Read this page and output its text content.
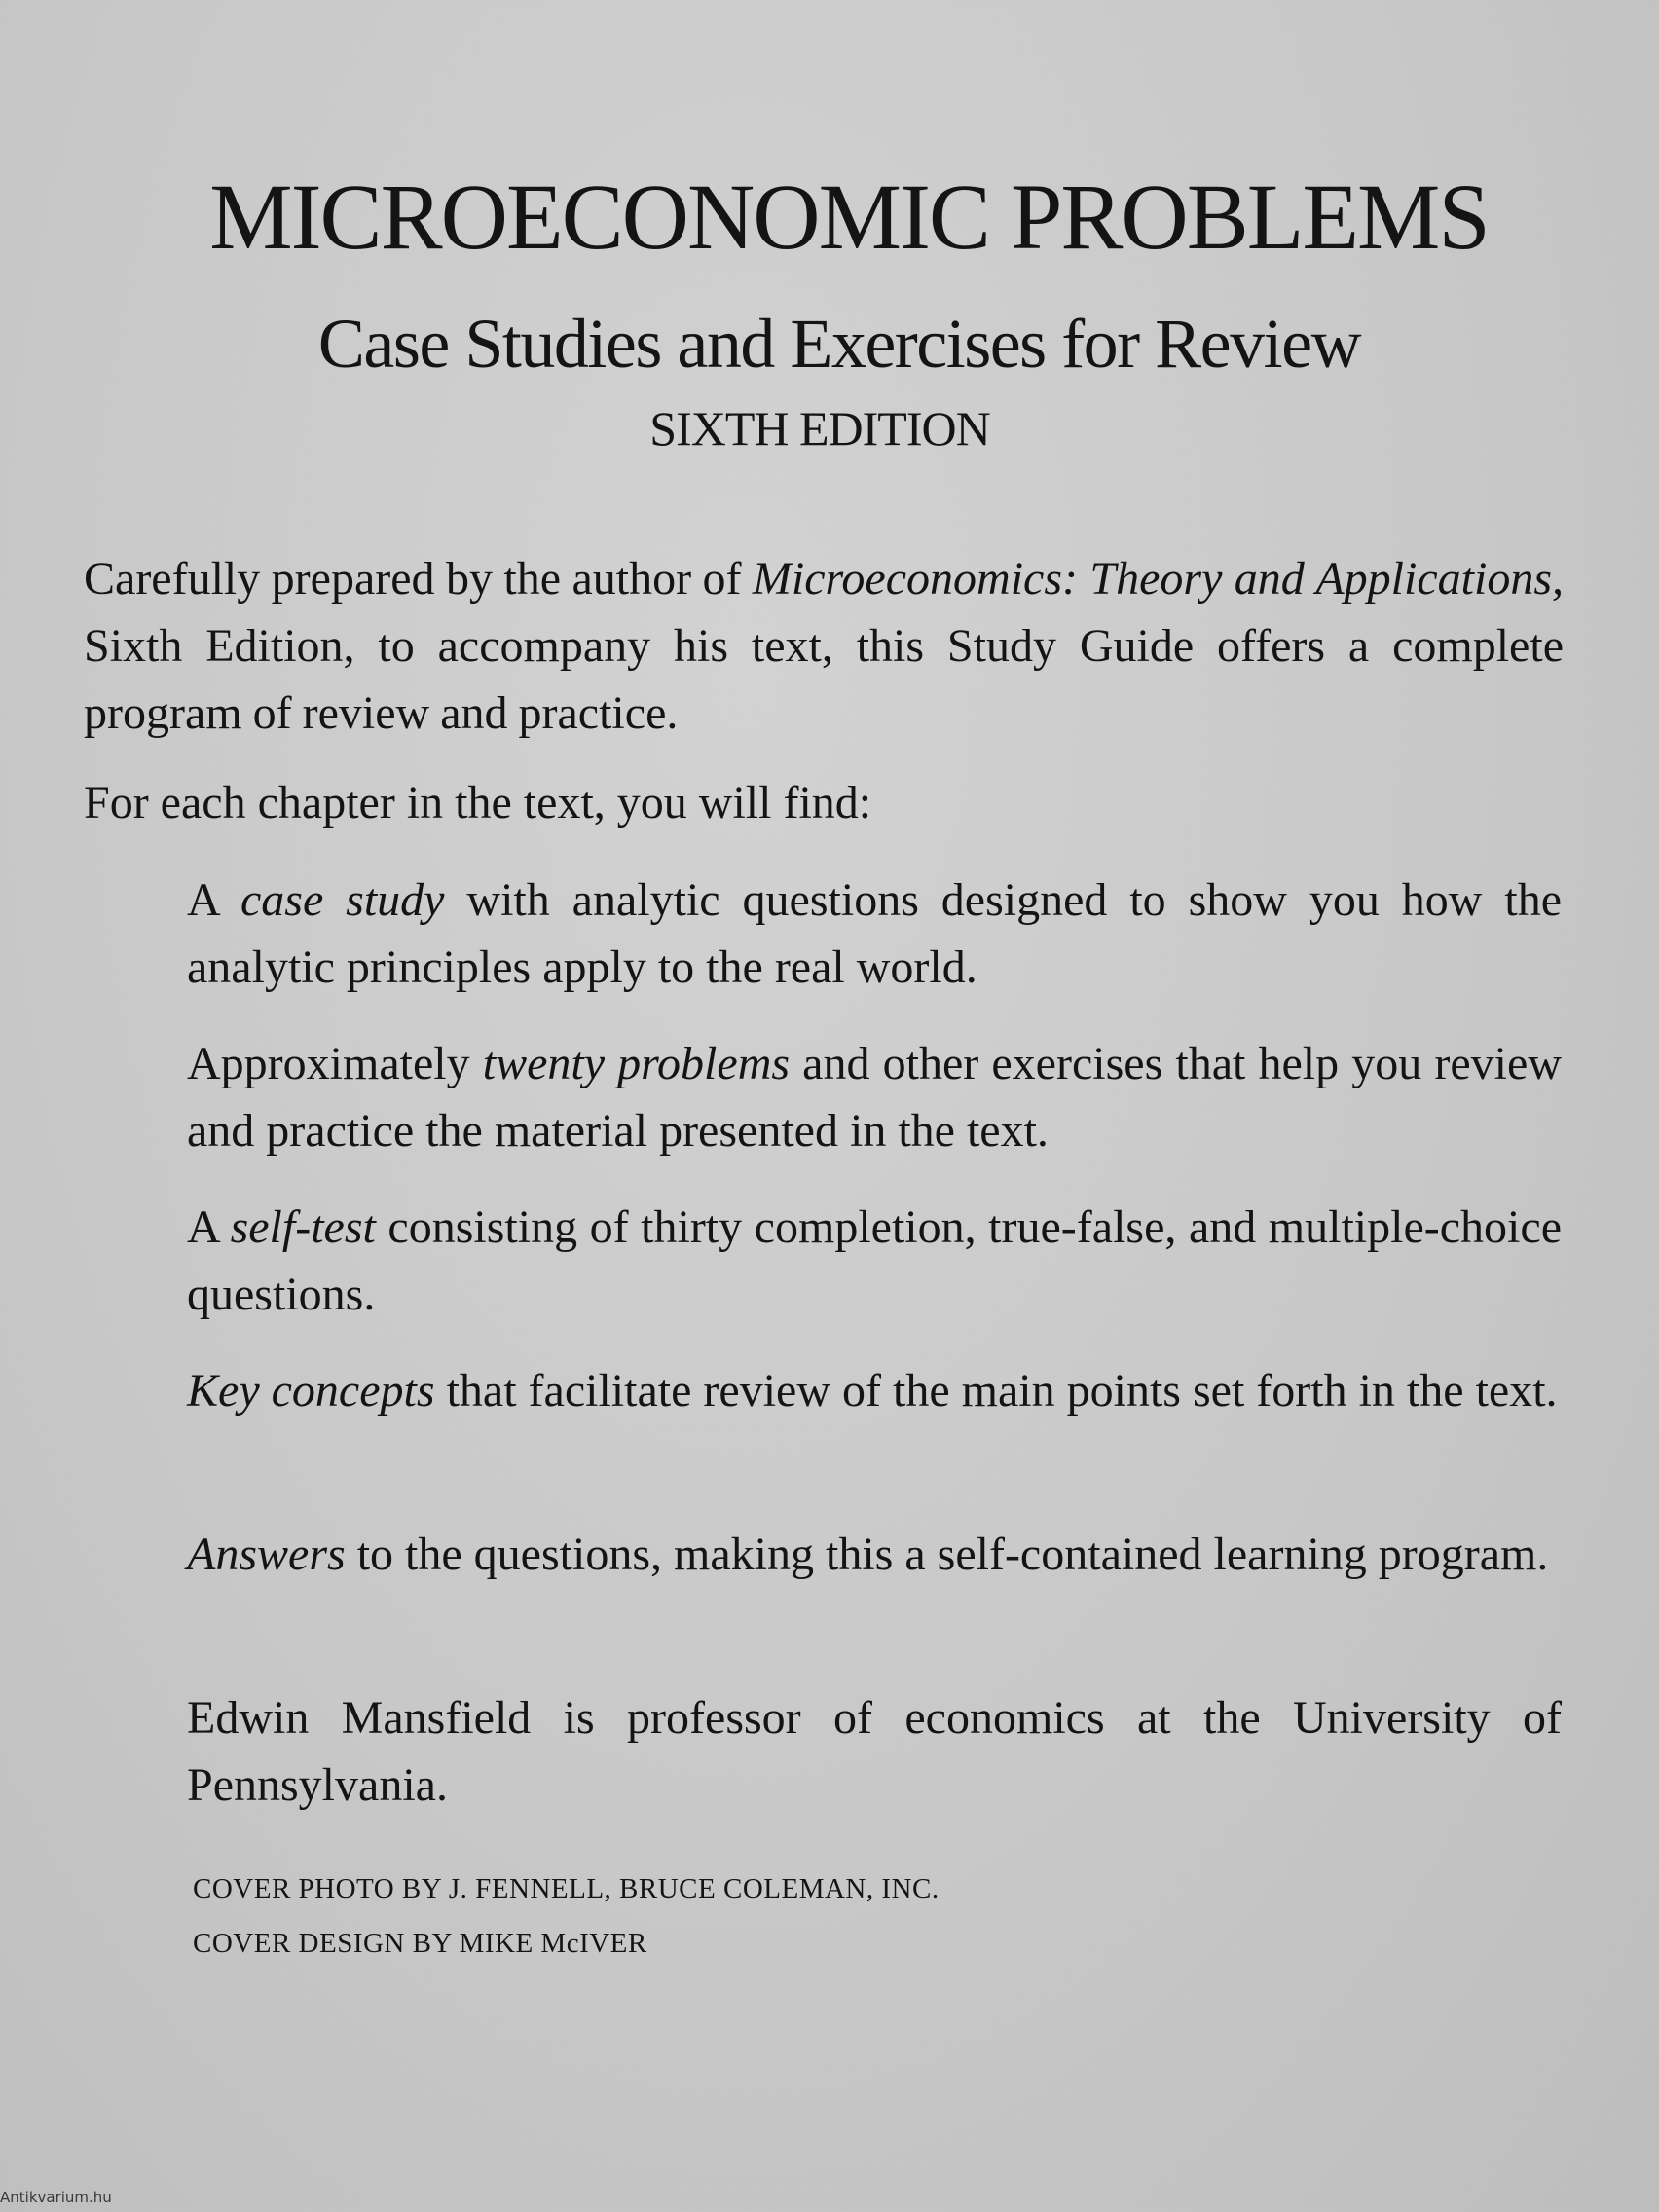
MICROECONOMIC PROBLEMS
Case Studies and Exercises for Review
SIXTH EDITION

Carefully prepared by the author of Microeconomics: Theory and Applications, Sixth Edition, to accompany his text, this Study Guide offers a complete program of review and practice.

For each chapter in the text, you will find:

A case study with analytic questions designed to show you how the analytic principles apply to the real world.

Approximately twenty problems and other exercises that help you review and practice the material presented in the text.

A self-test consisting of thirty completion, true-false, and multiple-choice questions.

Key concepts that facilitate review of the main points set forth in the text.

Answers to the questions, making this a self-contained learning program.

Edwin Mansfield is professor of economics at the University of Pennsylvania.

COVER PHOTO BY J. FENNELL, BRUCE COLEMAN, INC.
COVER DESIGN BY MIKE McIVER
Antikvarium.hu
